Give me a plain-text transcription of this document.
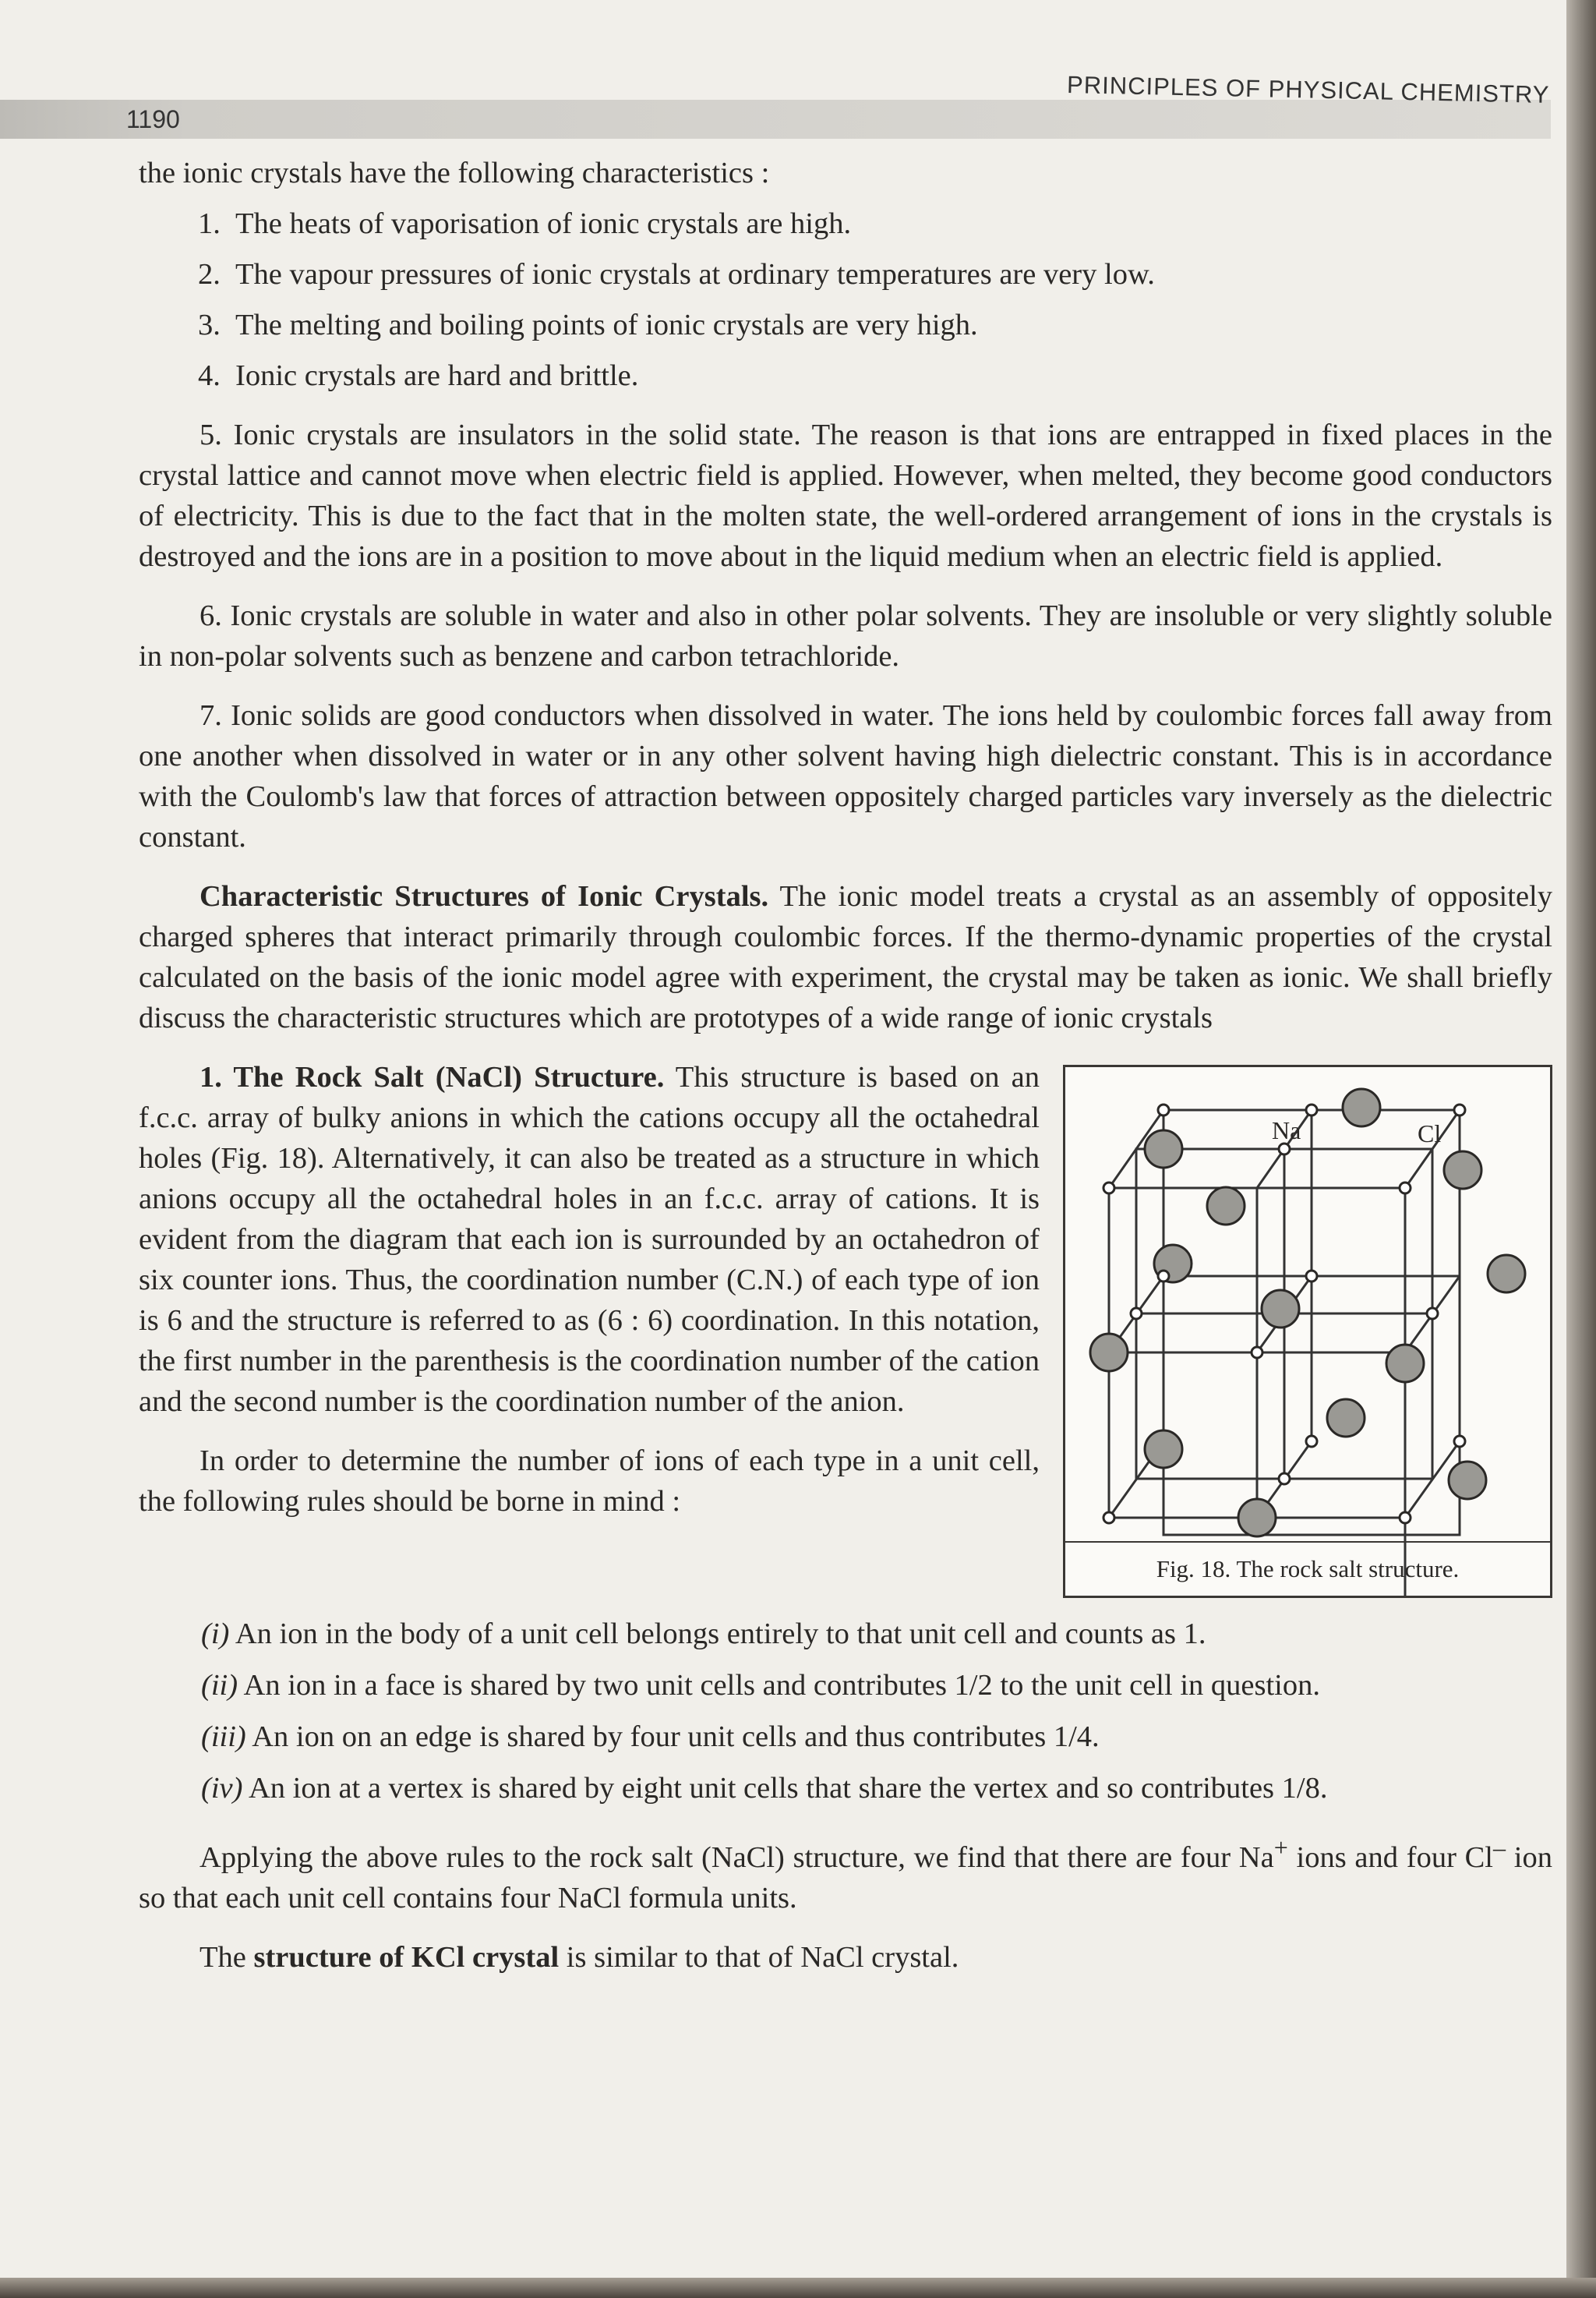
1190
PRINCIPLES OF PHYSICAL CHEMISTRY

the ionic crystals have the following characteristics :

1. The heats of vaporisation of ionic crystals are high.
2. The vapour pressures of ionic crystals at ordinary temperatures are very low.
3. The melting and boiling points of ionic crystals are very high.
4. Ionic crystals are hard and brittle.

5. Ionic crystals are insulators in the solid state. The reason is that ions are entrapped in fixed places in the crystal lattice and cannot move when electric field is applied. However, when melted, they become good conductors of electricity. This is due to the fact that in the molten state, the well-ordered arrangement of ions in the crystals is destroyed and the ions are in a position to move about in the liquid medium when an electric field is applied.

6. Ionic crystals are soluble in water and also in other polar solvents. They are insoluble or very slightly soluble in non-polar solvents such as benzene and carbon tetrachloride.

7. Ionic solids are good conductors when dissolved in water. The ions held by coulombic forces fall away from one another when dissolved in water or in any other solvent having high dielectric constant. This is in accordance with the Coulomb's law that forces of attraction between oppositely charged particles vary inversely as the dielectric constant.

Characteristic Structures of Ionic Crystals. The ionic model treats a crystal as an assembly of oppositely charged spheres that interact primarily through coulombic forces. If the thermo-dynamic properties of the crystal calculated on the basis of the ionic model agree with experiment, the crystal may be taken as ionic. We shall briefly discuss the characteristic structures which are prototypes of a wide range of ionic crystals

Na	Cl
Fig. 18. The rock salt structure.

1. The Rock Salt (NaCl) Structure. This structure is based on an f.c.c. array of bulky anions in which the cations occupy all the octahedral holes (Fig. 18). Alternatively, it can also be treated as a structure in which anions occupy all the octahedral holes in an f.c.c. array of cations. It is evident from the diagram that each ion is surrounded by an octahedron of six counter ions. Thus, the coordination number (C.N.) of each type of ion is 6 and the structure is referred to as (6 : 6) coordination. In this notation, the first number in the parenthesis is the coordination number of the cation and the second number is the coordination number of the anion.

In order to determine the number of ions of each type in a unit cell, the following rules should be borne in mind :

(i) An ion in the body of a unit cell belongs entirely to that unit cell and counts as 1.
(ii) An ion in a face is shared by two unit cells and contributes 1/2 to the unit cell in question.
(iii) An ion on an edge is shared by four unit cells and thus contributes 1/4.
(iv) An ion at a vertex is shared by eight unit cells that share the vertex and so contributes 1/8.

Applying the above rules to the rock salt (NaCl) structure, we find that there are four Na+ ions and four Cl– ion so that each unit cell contains four NaCl formula units.

The structure of KCl crystal is similar to that of NaCl crystal.
